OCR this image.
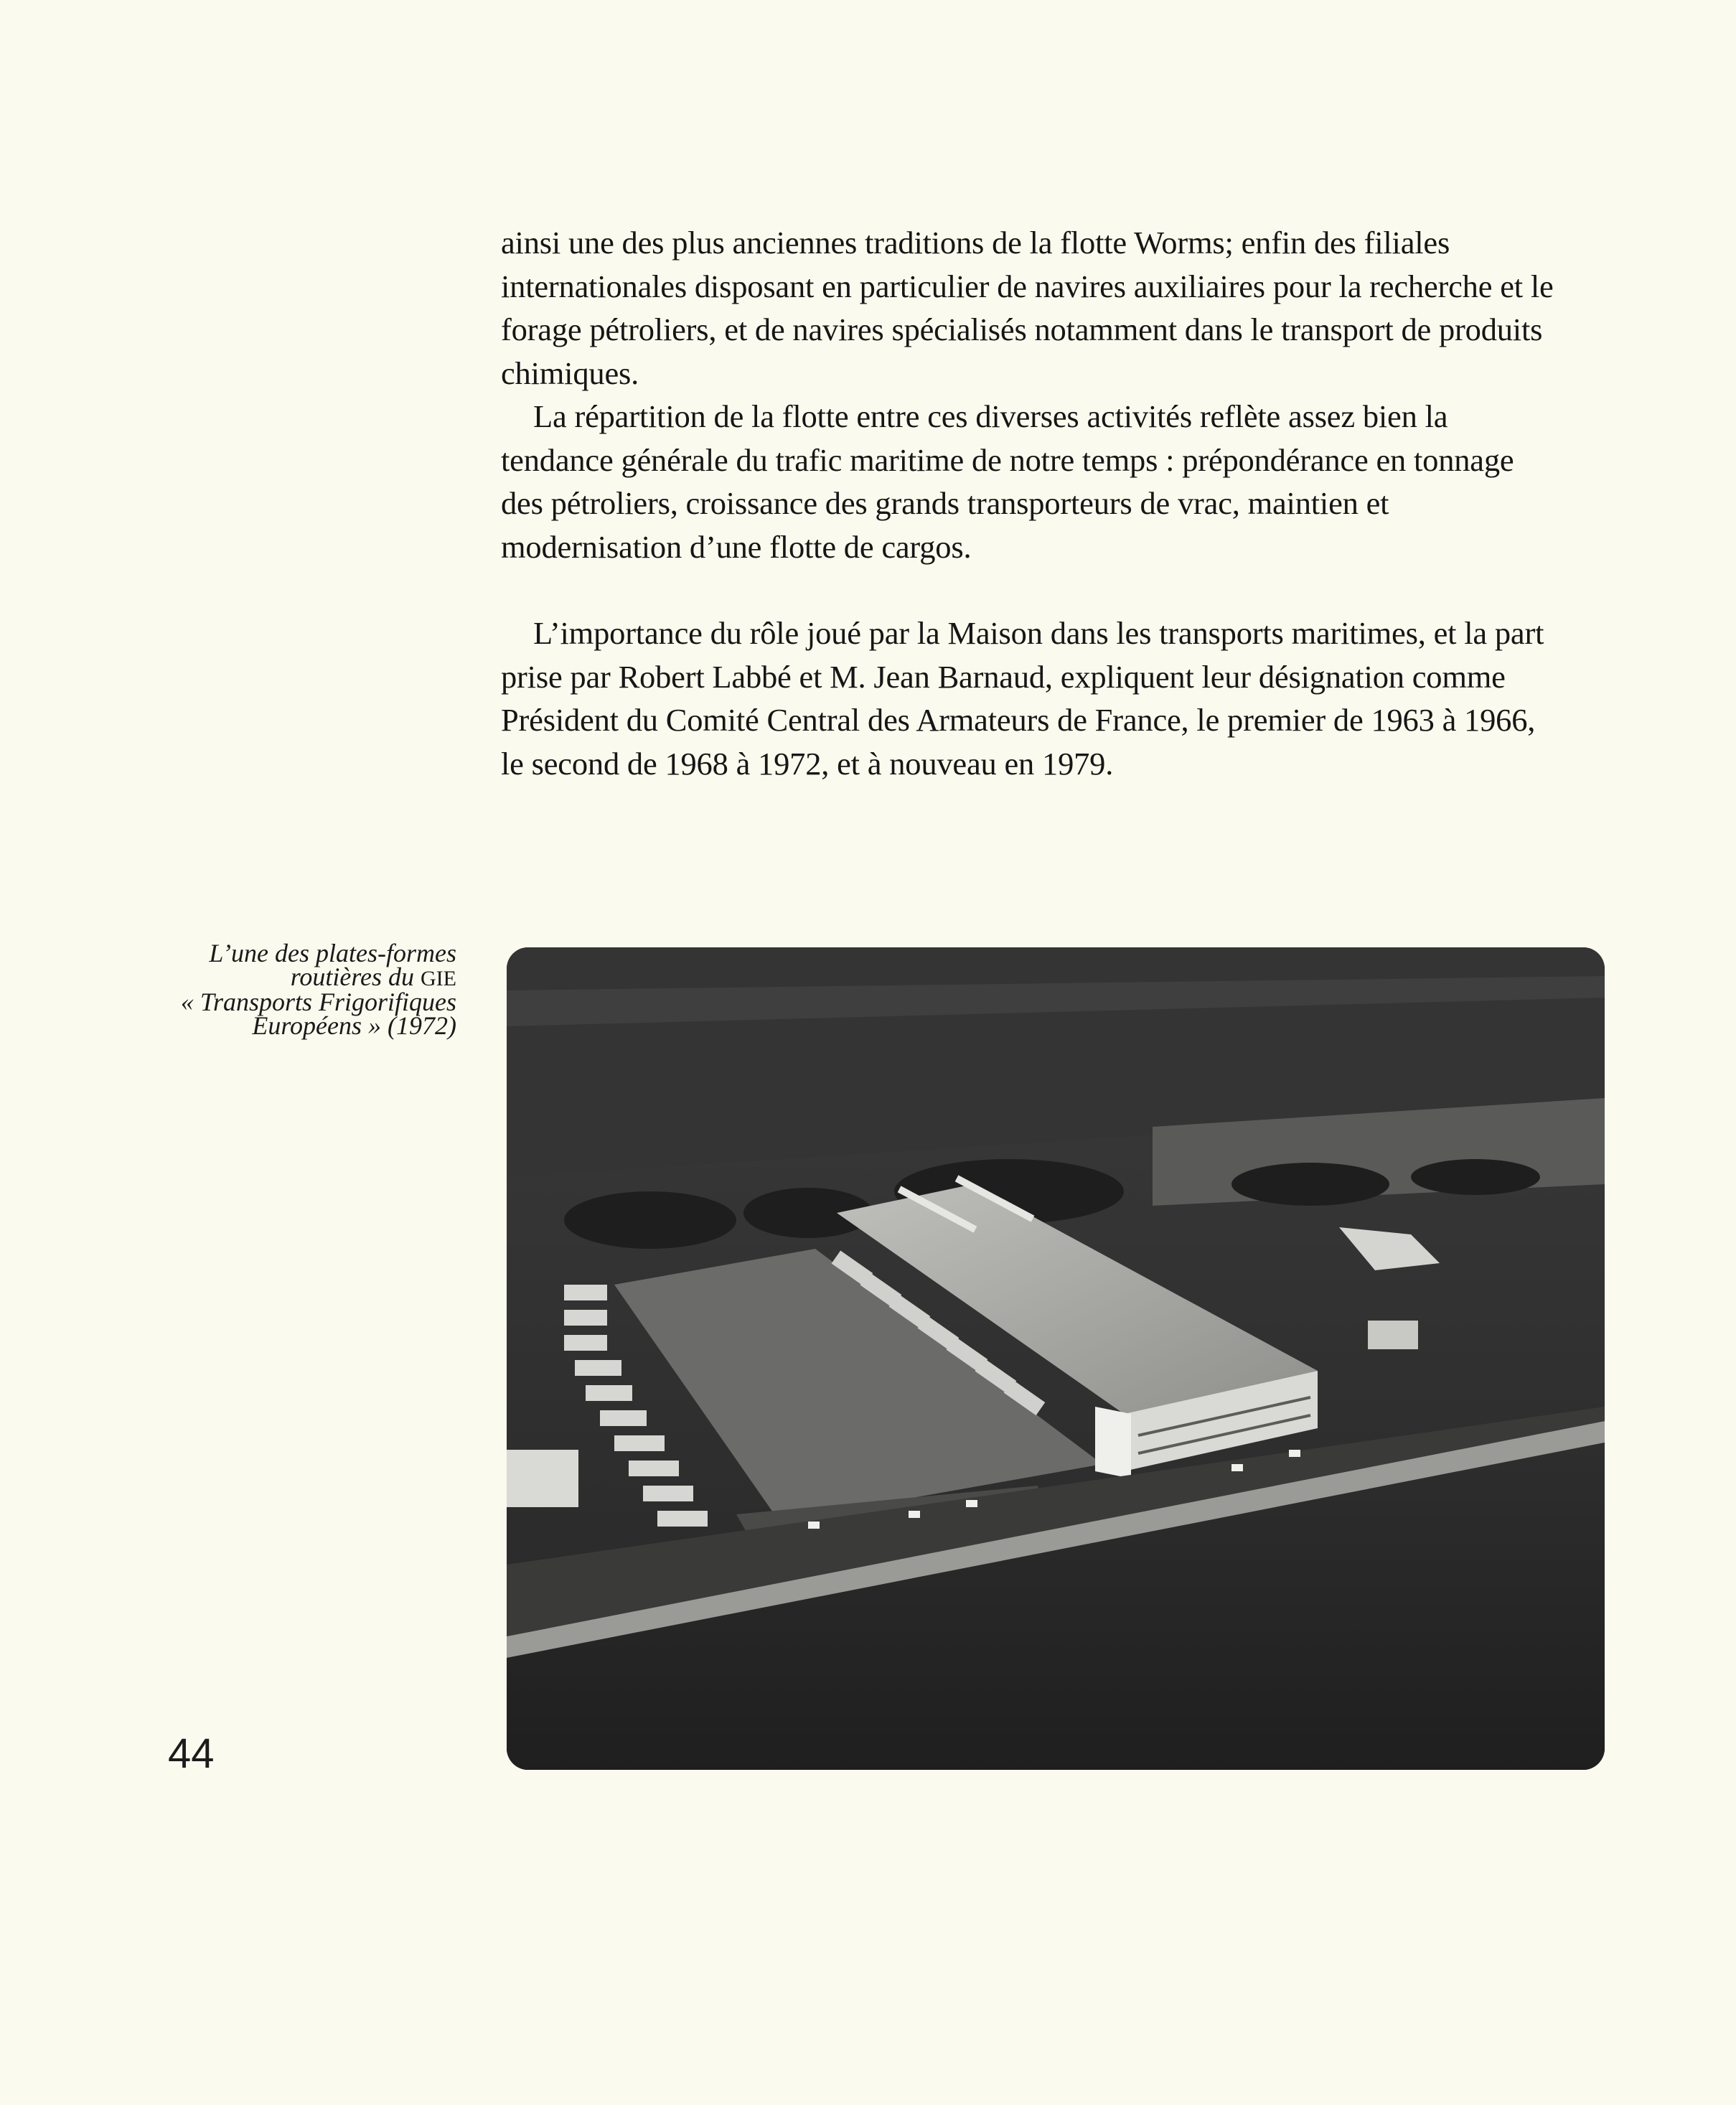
ainsi une des plus anciennes traditions de la flotte Worms; enfin des filiales internationales disposant en particulier de navires auxiliaires pour la recherche et le forage pétroliers, et de navires spécialisés notamment dans le transport de produits chimiques.

La répartition de la flotte entre ces diverses activités reflète assez bien la tendance générale du trafic maritime de notre temps : prépondérance en tonnage des pétroliers, croissance des grands transporteurs de vrac, maintien et modernisation d’une flotte de cargos.

L’importance du rôle joué par la Maison dans les transports maritimes, et la part prise par Robert Labbé et M. Jean Barnaud, expliquent leur désignation comme Président du Comité Central des Armateurs de France, le premier de 1963 à 1966, le second de 1968 à 1972, et à nouveau en 1979.

L’une des plates-formes
routières du GIE
« Transports Frigorifiques
Européens » (1972)
44
